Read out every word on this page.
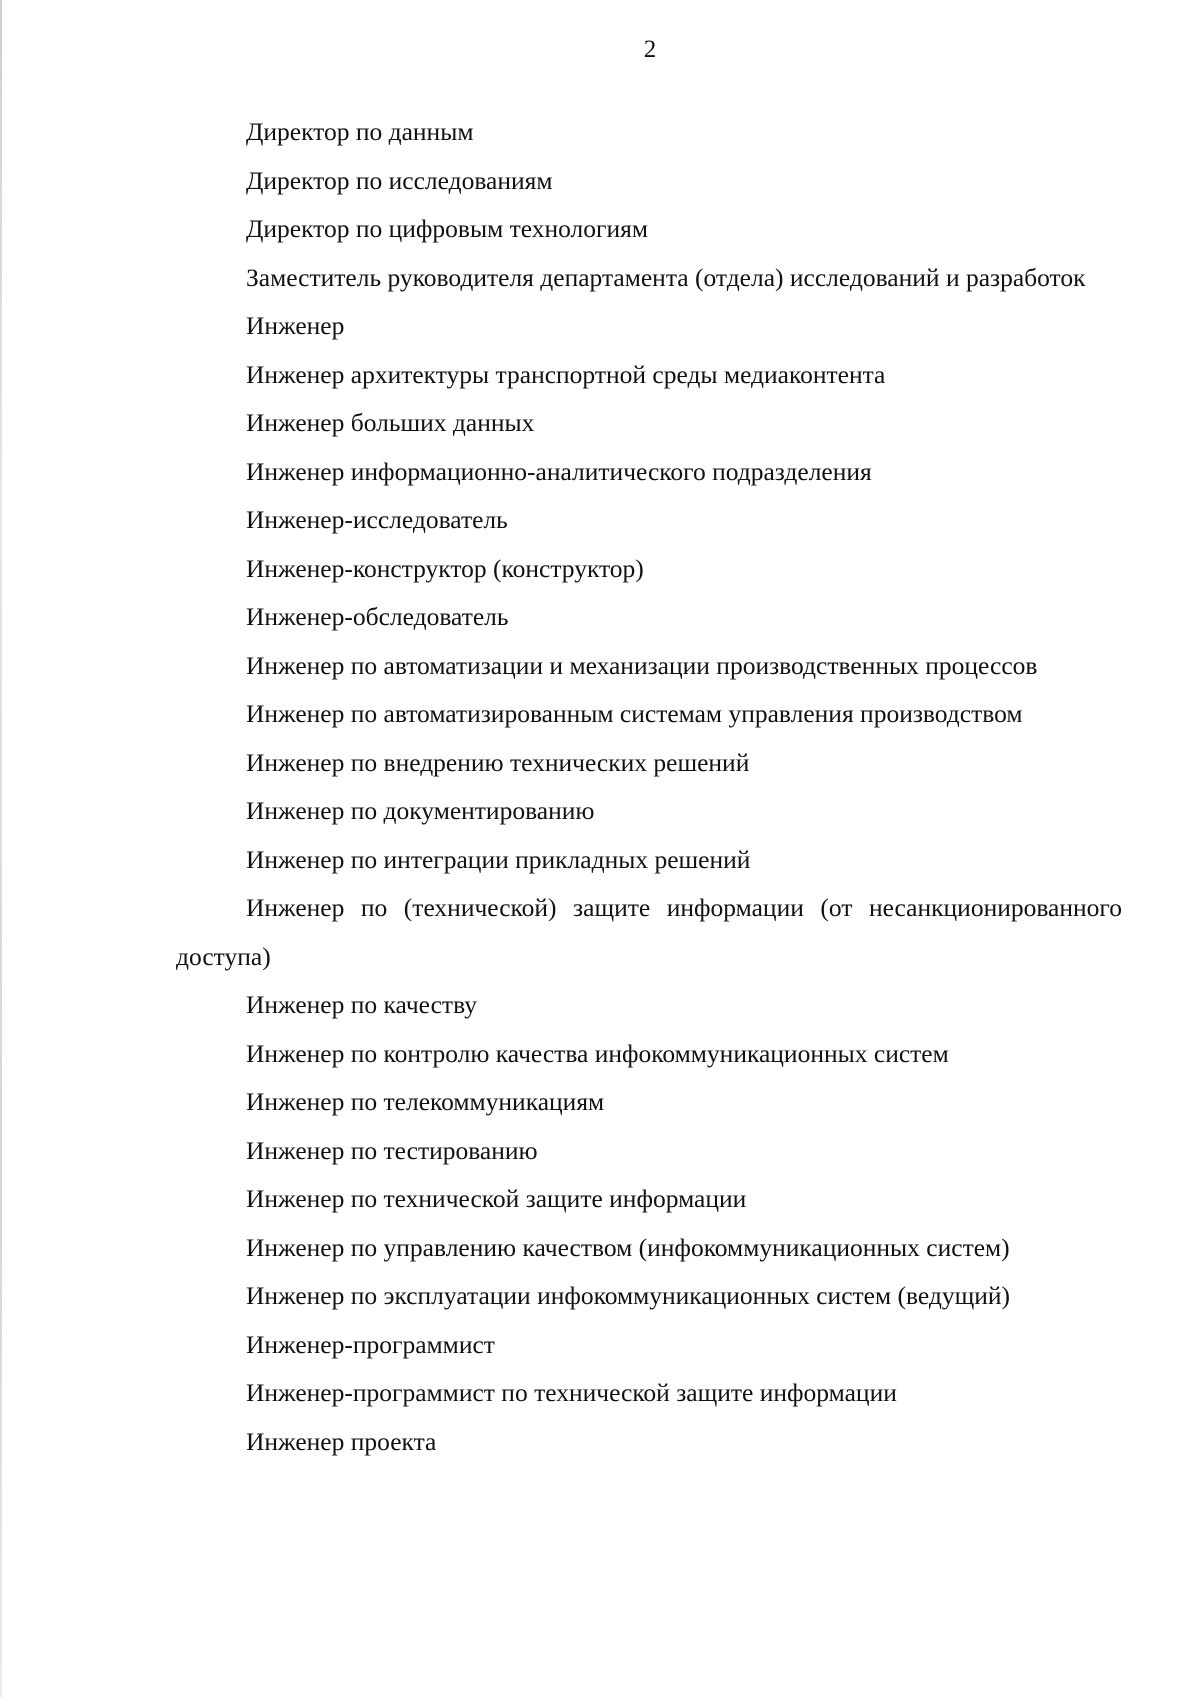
2

Директор по данным

Директор по исследованиям

Директор по цифровым технологиям

Заместитель руководителя департамента (отдела) исследований и разработок

Инженер

Инженер архитектуры транспортной среды медиаконтента

Инженер больших данных

Инженер информационно-аналитического подразделения

Инженер-исследователь

Инженер-конструктор (конструктор)

Инженер-обследователь

Инженер по автоматизации и механизации производственных процессов

Инженер по автоматизированным системам управления производством

Инженер по внедрению технических решений

Инженер по документированию

Инженер по интеграции прикладных решений

Инженер по (технической) защите информации (от несанкционированного доступа)

Инженер по качеству

Инженер по контролю качества инфокоммуникационных систем

Инженер по телекоммуникациям

Инженер по тестированию

Инженер по технической защите информации

Инженер по управлению качеством (инфокоммуникационных систем)

Инженер по эксплуатации инфокоммуникационных систем (ведущий)

Инженер-программист

Инженер-программист по технической защите информации

Инженер проекта
